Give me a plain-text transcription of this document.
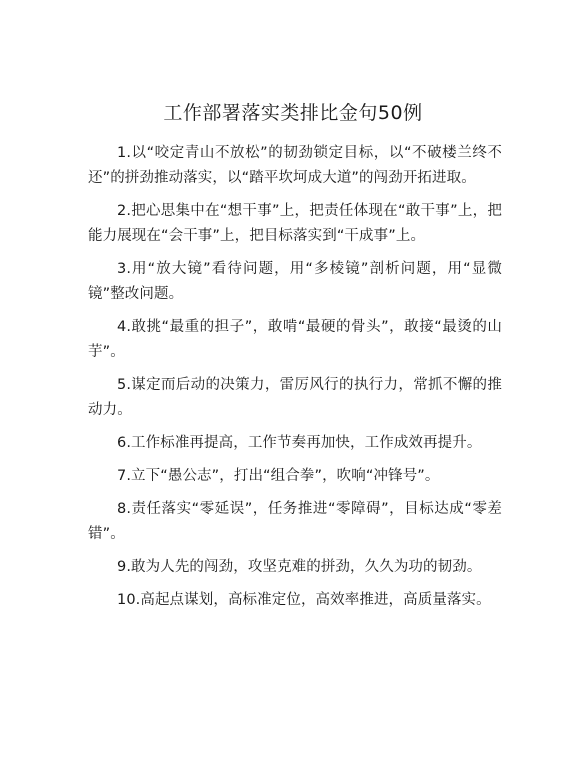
工作部署落实类排比金句50例

1.以“咬定青山不放松”的韧劲锁定目标，以“不破楼兰终不还”的拼劲推动落实，以“踏平坎坷成大道”的闯劲开拓进取。

2.把心思集中在“想干事”上，把责任体现在“敢干事”上，把能力展现在“会干事”上，把目标落实到“干成事”上。

3.用“放大镜”看待问题，用“多棱镜”剖析问题，用“显微镜”整改问题。

4.敢挑“最重的担子”，敢啃“最硬的骨头”，敢接“最烫的山芋”。

5.谋定而后动的决策力，雷厉风行的执行力，常抓不懈的推动力。

6.工作标准再提高，工作节奏再加快，工作成效再提升。

7.立下“愚公志”，打出“组合拳”，吹响“冲锋号”。

8.责任落实“零延误”，任务推进“零障碍”，目标达成“零差错”。

9.敢为人先的闯劲，攻坚克难的拼劲，久久为功的韧劲。

10.高起点谋划，高标准定位，高效率推进，高质量落实。
